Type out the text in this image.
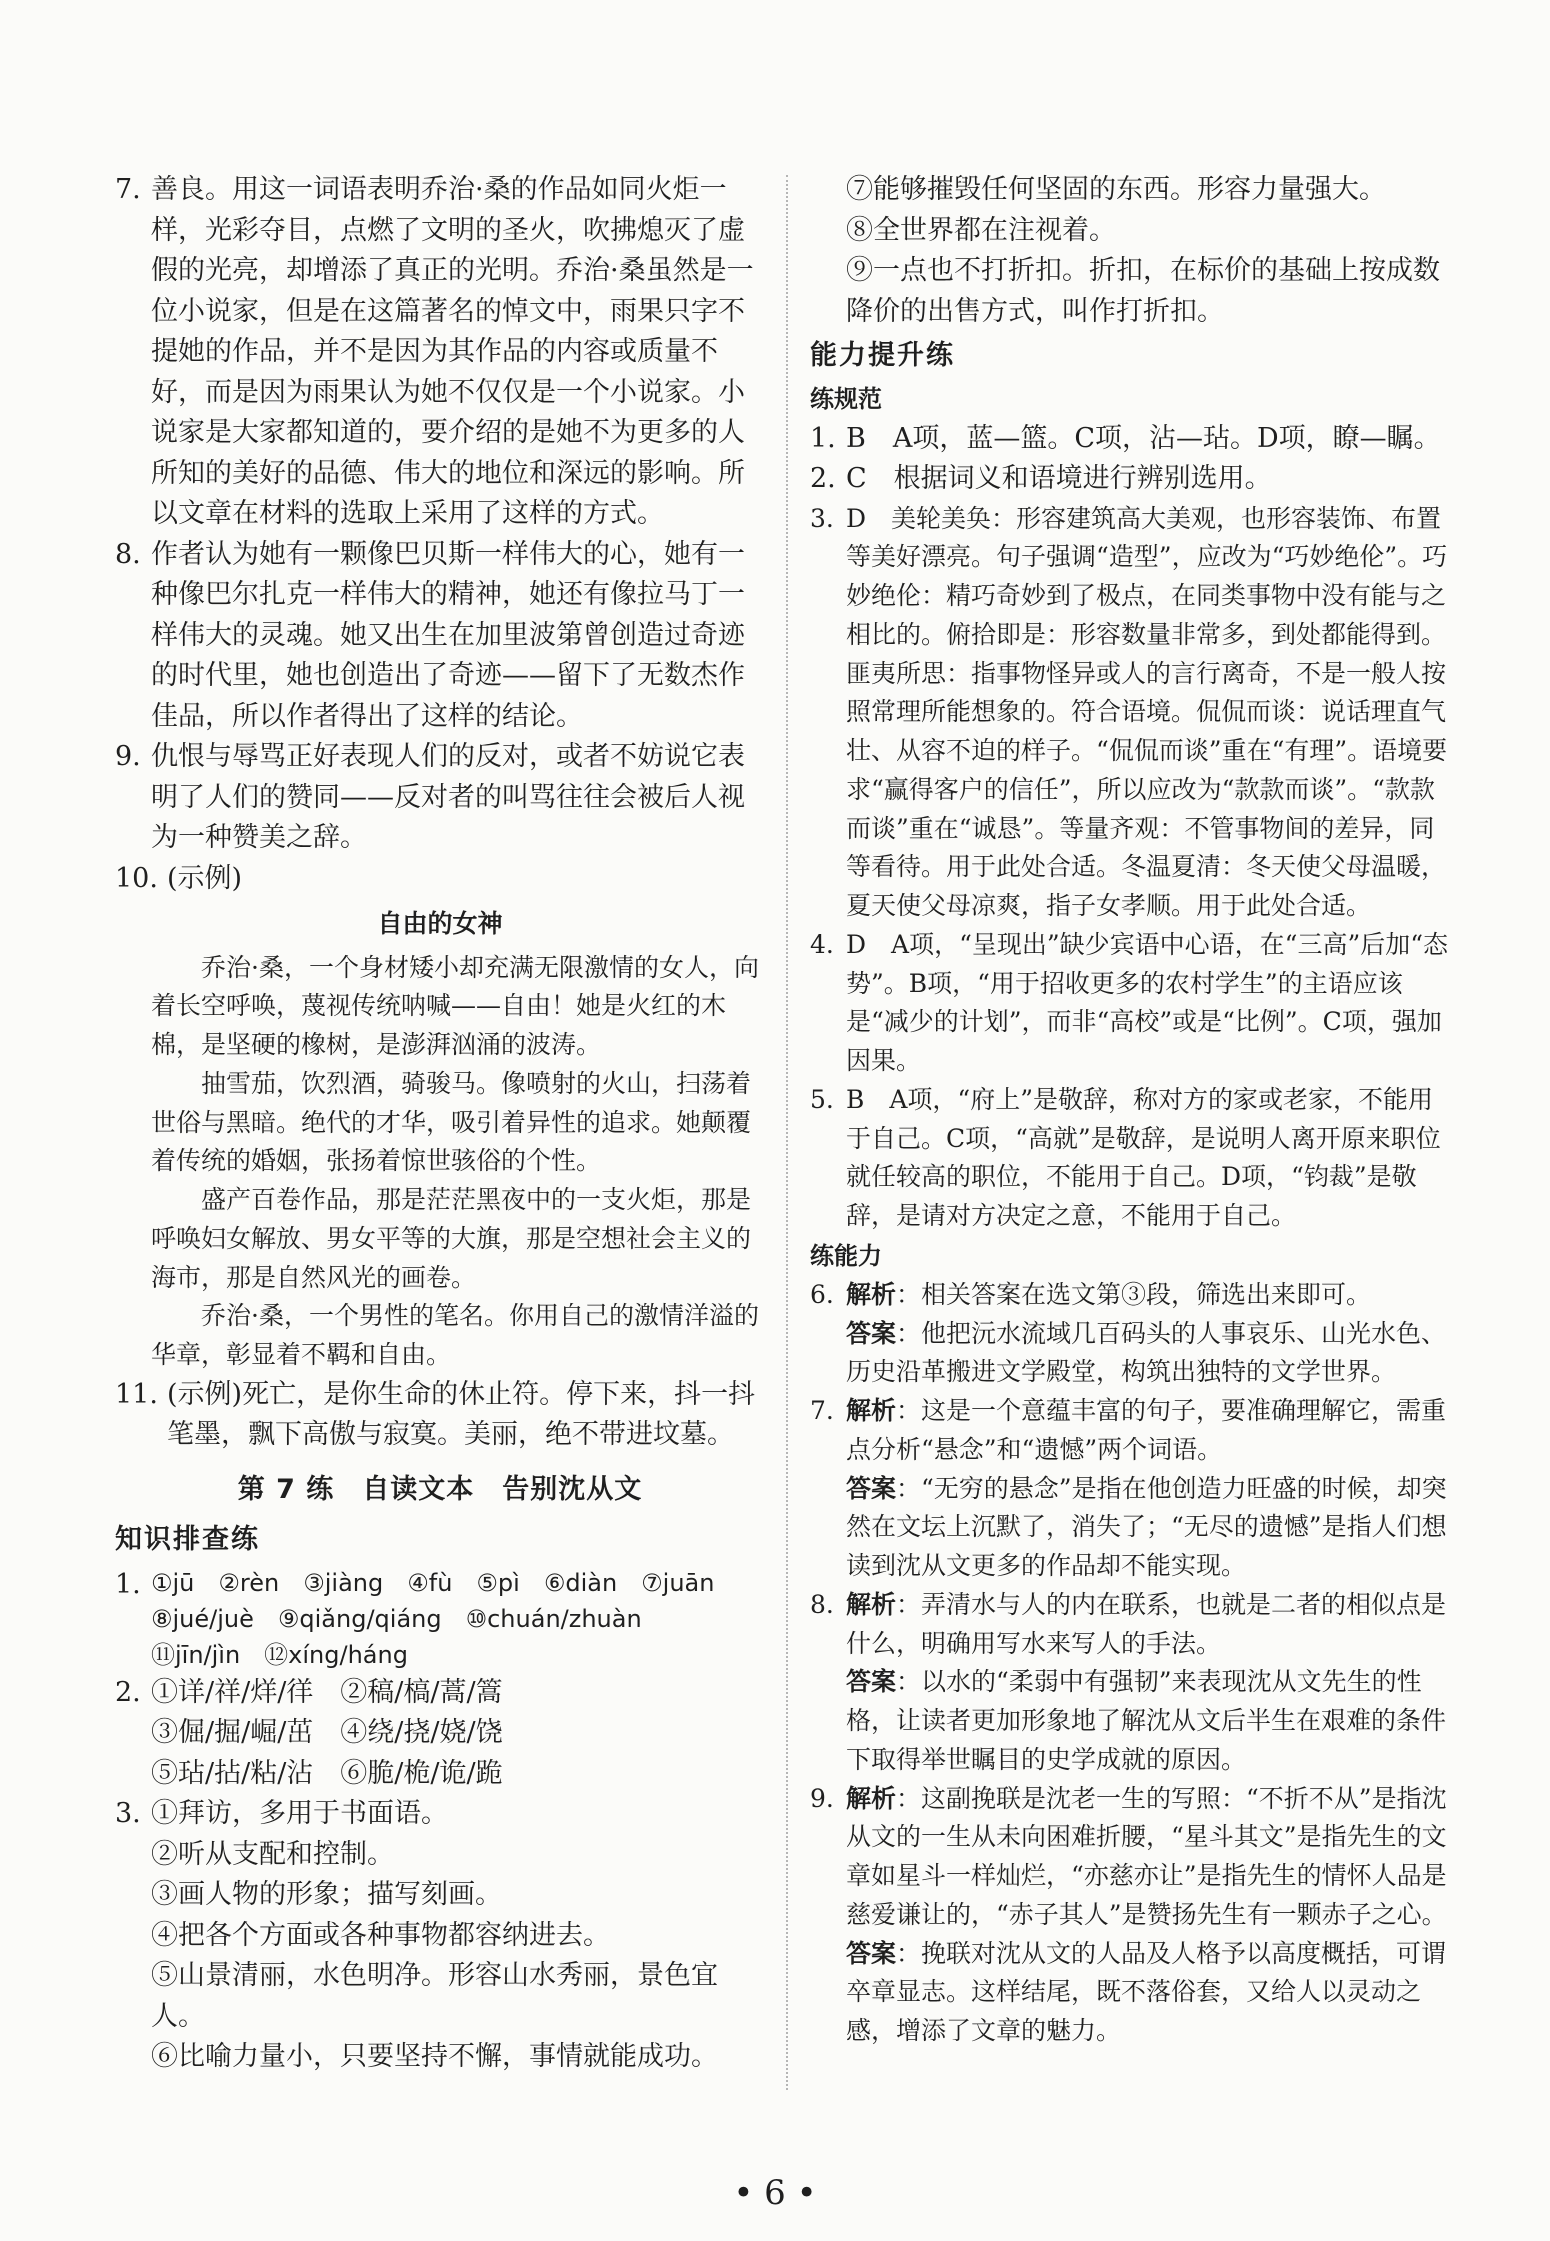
7. 善良。用这一词语表明乔治·桑的作品如同火炬一样，光彩夺目，点燃了文明的圣火，吹拂熄灭了虚假的光亮，却增添了真正的光明。乔治·桑虽然是一位小说家，但是在这篇著名的悼文中，雨果只字不提她的作品，并不是因为其作品的内容或质量不好，而是因为雨果认为她不仅仅是一个小说家。小说家是大家都知道的，要介绍的是她不为更多的人所知的美好的品德、伟大的地位和深远的影响。所以文章在材料的选取上采用了这样的方式。

8. 作者认为她有一颗像巴贝斯一样伟大的心，她有一种像巴尔扎克一样伟大的精神，她还有像拉马丁一样伟大的灵魂。她又出生在加里波第曾创造过奇迹的时代里，她也创造出了奇迹——留下了无数杰作佳品，所以作者得出了这样的结论。

9. 仇恨与辱骂正好表现人们的反对，或者不妨说它表明了人们的赞同——反对者的叫骂往往会被后人视为一种赞美之辞。

10. (示例)

自由的女神

乔治·桑，一个身材矮小却充满无限激情的女人，向着长空呼唤，蔑视传统呐喊——自由！她是火红的木棉，是坚硬的橡树，是澎湃汹涌的波涛。

抽雪茄，饮烈酒，骑骏马。像喷射的火山，扫荡着世俗与黑暗。绝代的才华，吸引着异性的追求。她颠覆着传统的婚姻，张扬着惊世骇俗的个性。

盛产百卷作品，那是茫茫黑夜中的一支火炬，那是呼唤妇女解放、男女平等的大旗，那是空想社会主义的海市，那是自然风光的画卷。

乔治·桑，一个男性的笔名。你用自己的激情洋溢的华章，彰显着不羁和自由。

11. (示例)死亡，是你生命的休止符。停下来，抖一抖笔墨，飘下高傲与寂寞。美丽，绝不带进坟墓。

第 7 练 自读文本 告别沈从文
知识排查练
1. ①jū　②rèn　③jiàng　④fù　⑤pì　⑥diàn　⑦juān
⑧jué/juè　⑨qiǎng/qiáng　⑩chuán/zhuàn
⑪jīn/jìn　⑫xíng/háng
2. ①详/祥/烊/徉　②稿/槁/蒿/篙
③倔/掘/崛/茁　④绕/挠/娆/饶
⑤玷/拈/粘/沾　⑥脆/桅/诡/跪
3. ①拜访，多用于书面语。
②听从支配和控制。
③画人物的形象；描写刻画。
④把各个方面或各种事物都容纳进去。
⑤山景清丽，水色明净。形容山水秀丽，景色宜人。
⑥比喻力量小，只要坚持不懈，事情就能成功。
⑦能够摧毁任何坚固的东西。形容力量强大。
⑧全世界都在注视着。
⑨一点也不打折扣。折扣，在标价的基础上按成数降价的出售方式，叫作打折扣。
能力提升练
练规范

1. B　A项，蓝—篮。C项，沾—玷。D项，瞭—瞩。

2. C　根据词义和语境进行辨别选用。

3. D　美轮美奂：形容建筑高大美观，也形容装饰、布置等美好漂亮。句子强调“造型”，应改为“巧妙绝伦”。巧妙绝伦：精巧奇妙到了极点，在同类事物中没有能与之相比的。俯拾即是：形容数量非常多，到处都能得到。匪夷所思：指事物怪异或人的言行离奇，不是一般人按照常理所能想象的。符合语境。侃侃而谈：说话理直气壮、从容不迫的样子。“侃侃而谈”重在“有理”。语境要求“赢得客户的信任”，所以应改为“款款而谈”。“款款而谈”重在“诚恳”。等量齐观：不管事物间的差异，同等看待。用于此处合适。冬温夏清：冬天使父母温暖，夏天使父母凉爽，指子女孝顺。用于此处合适。

4. D　A项，“呈现出”缺少宾语中心语，在“三高”后加“态势”。B项，“用于招收更多的农村学生”的主语应该是“减少的计划”，而非“高校”或是“比例”。C项，强加因果。

5. B　A项，“府上”是敬辞，称对方的家或老家，不能用于自己。C项，“高就”是敬辞，是说明人离开原来职位就任较高的职位，不能用于自己。D项，“钧裁”是敬辞，是请对方决定之意，不能用于自己。

练能力
6. 解析：相关答案在选文第③段，筛选出来即可。
答案：他把沅水流域几百码头的人事哀乐、山光水色、历史沿革搬进文学殿堂，构筑出独特的文学世界。
7. 解析：这是一个意蕴丰富的句子，要准确理解它，需重点分析“悬念”和“遗憾”两个词语。
答案：“无穷的悬念”是指在他创造力旺盛的时候，却突然在文坛上沉默了，消失了；“无尽的遗憾”是指人们想读到沈从文更多的作品却不能实现。
8. 解析：弄清水与人的内在联系，也就是二者的相似点是什么，明确用写水来写人的手法。
答案：以水的“柔弱中有强韧”来表现沈从文先生的性格，让读者更加形象地了解沈从文后半生在艰难的条件下取得举世瞩目的史学成就的原因。
9. 解析：这副挽联是沈老一生的写照：“不折不从”是指沈从文的一生从未向困难折腰，“星斗其文”是指先生的文章如星斗一样灿烂，“亦慈亦让”是指先生的情怀人品是慈爱谦让的，“赤子其人”是赞扬先生有一颗赤子之心。
答案：挽联对沈从文的人品及人格予以高度概括，可谓卒章显志。这样结尾，既不落俗套，又给人以灵动之感，增添了文章的魅力。
• 6 •
